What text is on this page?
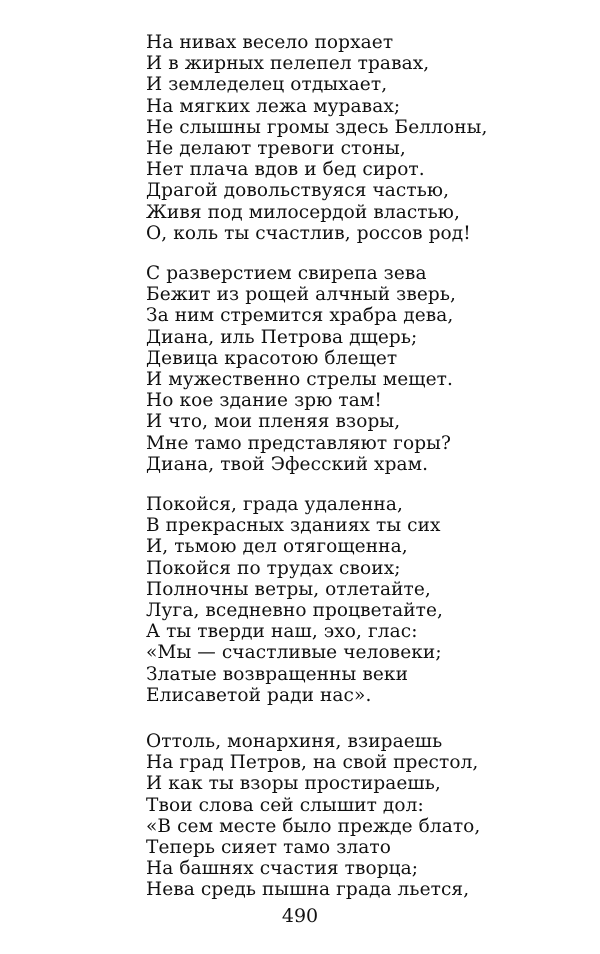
На нивах весело порхает
И в жирных пелепел травах,
И земледелец отдыхает,
На мягких лежа муравах;
Не слышны громы здесь Беллоны,
Не делают тревоги стоны,
Нет плача вдов и бед сирот.
Драгой довольствуяся частью,
Живя под милосердой властью,
О, коль ты счастлив, россов род!
С разверстием свирепа зева
Бежит из рощей алчный зверь,
За ним стремится храбра дева,
Диана, иль Петрова дщерь;
Девица красотою блещет
И мужественно стрелы мещет.
Но кое здание зрю там!
И что, мои пленяя взоры,
Мне тамо представляют горы?
Диана, твой Эфесский храм.
Покойся, града удаленна,
В прекрасных зданиях ты сих
И, тьмою дел отягощенна,
Покойся по трудах своих;
Полночны ветры, отлетайте,
Луга, вседневно процветайте,
А ты тверди наш, эхо, глас:
«Мы — счастливые человеки;
Златые возвращенны веки
Елисаветой ради нас».
Оттоль, монархиня, взираешь
На град Петров, на свой престол,
И как ты взоры простираешь,
Твои слова сей слышит дол:
«В сем месте было прежде блато,
Теперь сияет тамо злато
На башнях счастия творца;
Нева средь пышна града льется,
490
